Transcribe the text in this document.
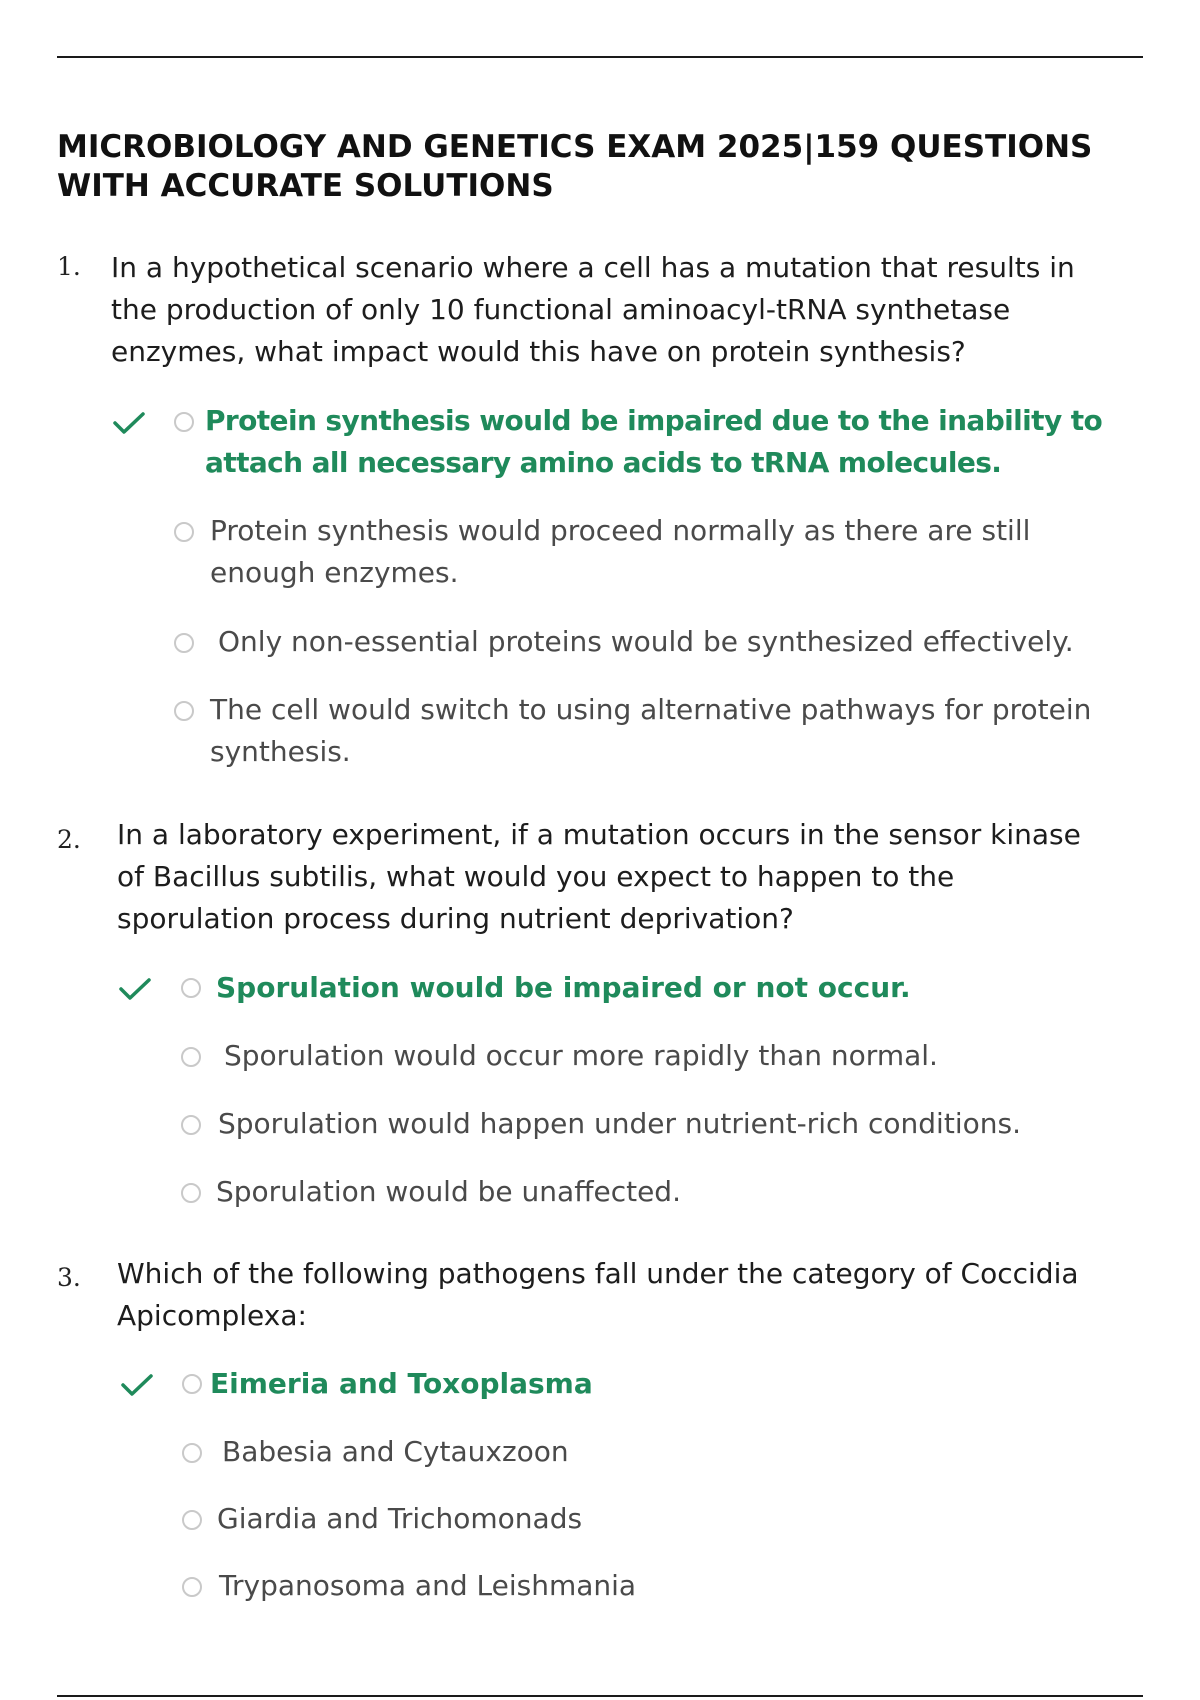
MICROBIOLOGY AND GENETICS EXAM 2025|159 QUESTIONS WITH ACCURATE SOLUTIONS
1. In a hypothetical scenario where a cell has a mutation that results in the production of only 10 functional aminoacyl-tRNA synthetase enzymes, what impact would this have on protein synthesis?

Protein synthesis would be impaired due to the inability to attach all necessary amino acids to tRNA molecules.

Protein synthesis would proceed normally as there are still enough enzymes.

Only non-essential proteins would be synthesized effectively.

The cell would switch to using alternative pathways for protein synthesis.

2. In a laboratory experiment, if a mutation occurs in the sensor kinase of Bacillus subtilis, what would you expect to happen to the sporulation process during nutrient deprivation?

Sporulation would be impaired or not occur.

Sporulation would occur more rapidly than normal.

Sporulation would happen under nutrient-rich conditions.

Sporulation would be unaffected.

3. Which of the following pathogens fall under the category of Coccidia Apicomplexa:

Eimeria and Toxoplasma

Babesia and Cytauxzoon

Giardia and Trichomonads

Trypanosoma and Leishmania
